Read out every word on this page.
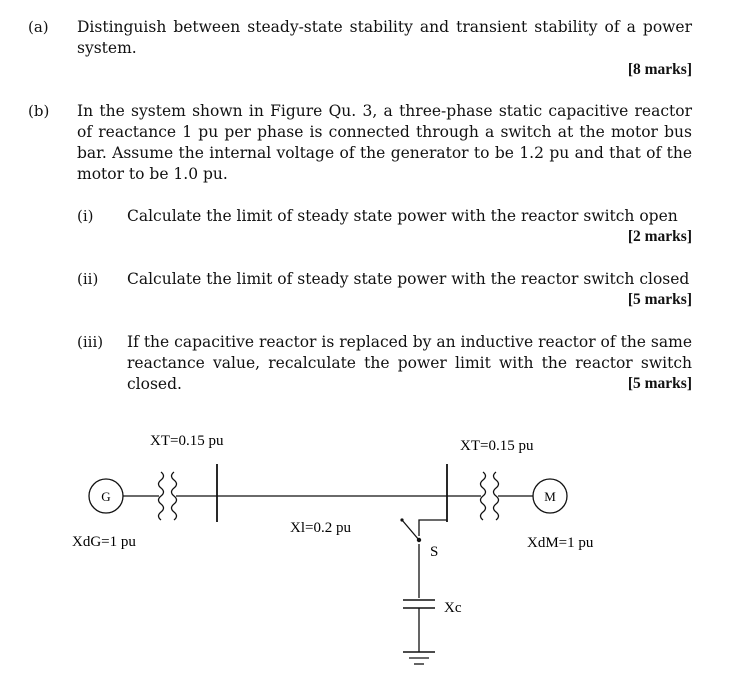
(a) Distinguish between steady-state stability and transient stability of a power system.
[8 marks]
(b) In the system shown in Figure Qu. 3, a three-phase static capacitive reactor of reactance 1 pu per phase is connected through a switch at the motor bus bar. Assume the internal voltage of the generator to be 1.2 pu and that of the motor to be 1.0 pu.
(i) Calculate the limit of steady state power with the reactor switch open
[2 marks]
(ii) Calculate the limit of steady state power with the reactor switch closed
[5 marks]
(iii) If the capacitive reactor is replaced by an inductive reactor of the same reactance value, recalculate the power limit with the reactor switch closed.	[5 marks]
G	M
XT=0.15 pu	XT=0.15 pu
Xl=0.2 pu
XdG=1 pu	XdM=1 pu
S
Xc
